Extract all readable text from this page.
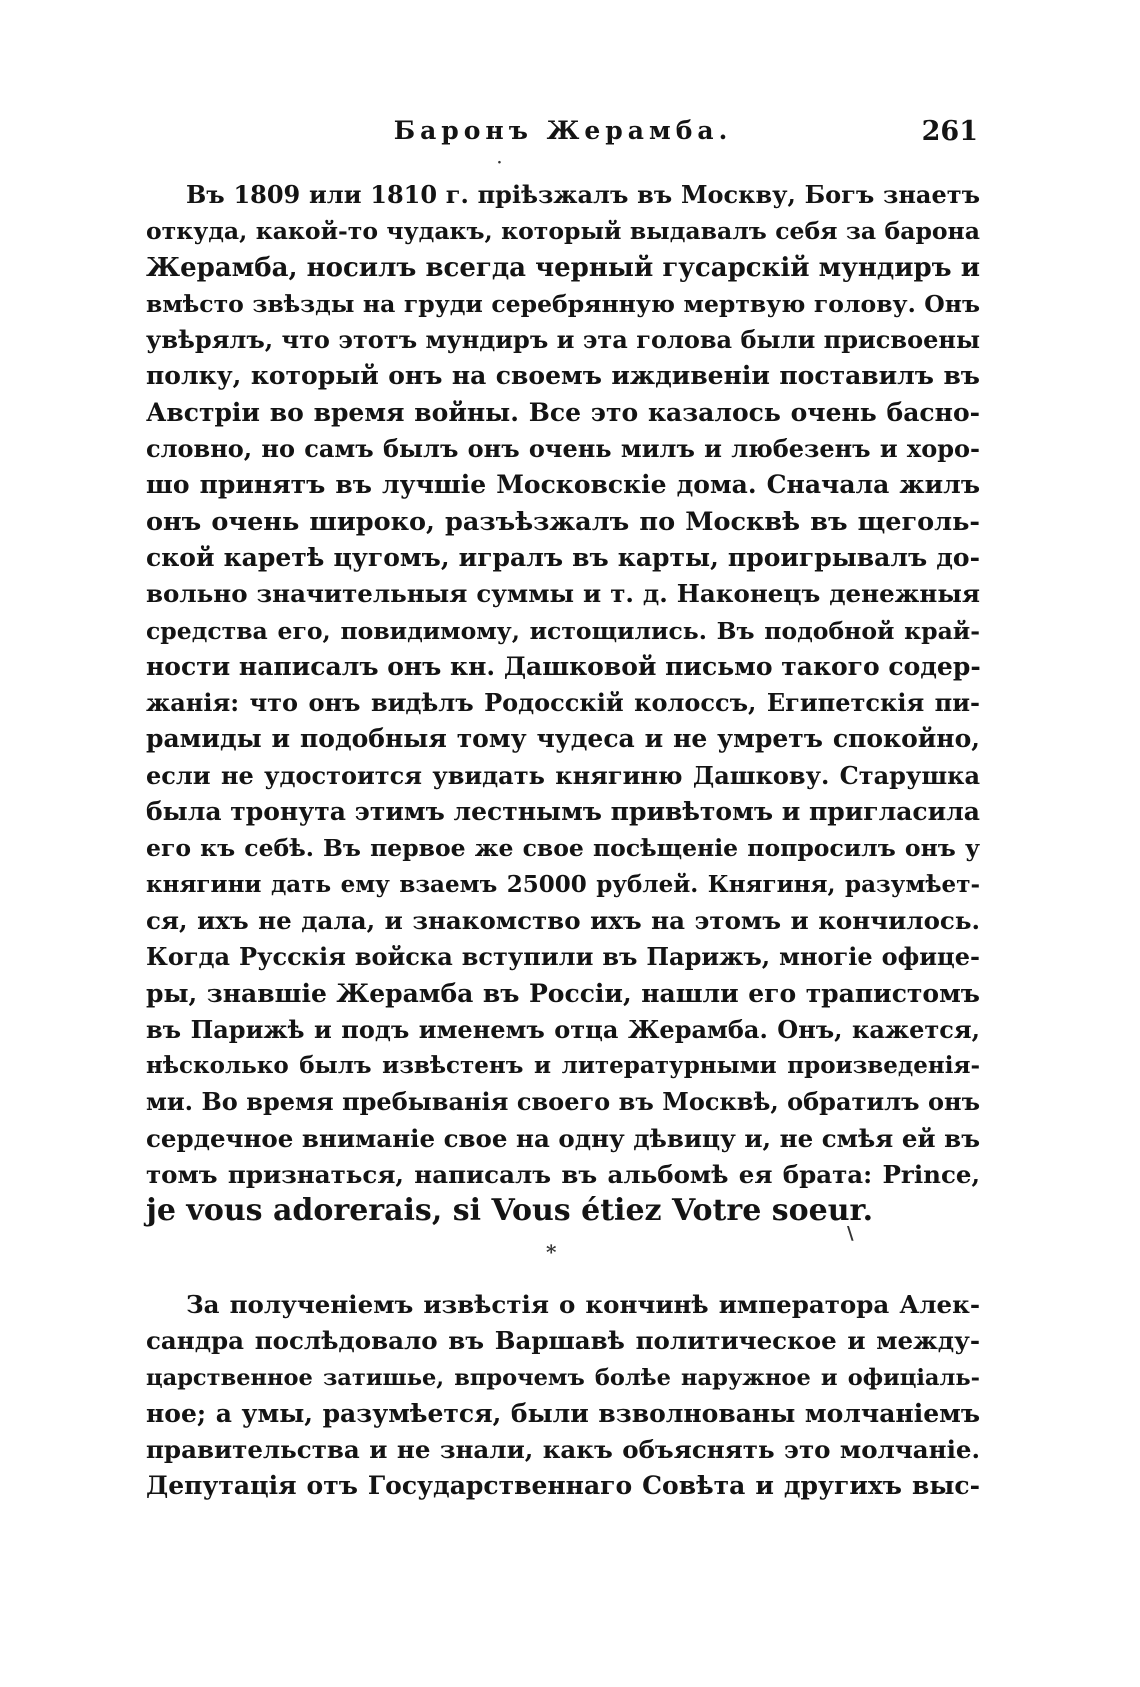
Баронъ Жерамба.	261
·
Въ 1809 или 1810 г. пріѣзжалъ въ Москву, Богъ знаетъ
откуда, какой-то чудакъ, который выдавалъ себя за барона
Жерамба, носилъ всегда черный гусарскій мундиръ и
вмѣсто звѣзды на груди серебрянную мертвую голову. Онъ
увѣрялъ, что этотъ мундиръ и эта голова были присвоены
полку, который онъ на своемъ иждивеніи поставилъ въ
Австріи во время войны. Все это казалось очень басно-
словно, но самъ былъ онъ очень милъ и любезенъ и хоро-
шо принятъ въ лучшіе Московскіе дома. Сначала жилъ
онъ очень широко, разъѣзжалъ по Москвѣ въ щеголь-
ской каретѣ цугомъ, игралъ въ карты, проигрывалъ до-
вольно значительныя суммы и т. д. Наконецъ денежныя
средства его, повидимому, истощились. Въ подобной край-
ности написалъ онъ кн. Дашковой письмо такого содер-
жанія: что онъ видѣлъ Родосскій колоссъ, Египетскія пи-
рамиды и подобныя тому чудеса и не умретъ спокойно,
если не удостоится увидать княгиню Дашкову. Старушка
была тронута этимъ лестнымъ привѣтомъ и пригласила
его къ себѣ. Въ первое же свое посѣщеніе попросилъ онъ у
княгини дать ему взаемъ 25000 рублей. Княгиня, разумѣет-
ся, ихъ не дала, и знакомство ихъ на этомъ и кончилось.
Когда Русскія войска вступили въ Парижъ, многіе офице-
ры, знавшіе Жерамба въ Россіи, нашли его трапистомъ
въ Парижѣ и подъ именемъ отца Жерамба. Онъ, кажется,
нѣсколько былъ извѣстенъ и литературными произведенія-
ми. Во время пребыванія своего въ Москвѣ, обратилъ онъ
сердечное вниманіе свое на одну дѣвицу и, не смѣя ей въ
томъ признаться, написалъ въ альбомѣ ея брата: Prince,
je vous adorerais, si Vous étiez Votre soeur.
\
*
За полученіемъ извѣстія о кончинѣ императора Алек-
сандра послѣдовало въ Варшавѣ политическое и между-
царственное затишье, впрочемъ болѣе наружное и офиціаль-
ное; а умы, разумѣется, были взволнованы молчаніемъ
правительства и не знали, какъ объяснять это молчаніе.
Депутація отъ Государственнаго Совѣта и другихъ выс-
